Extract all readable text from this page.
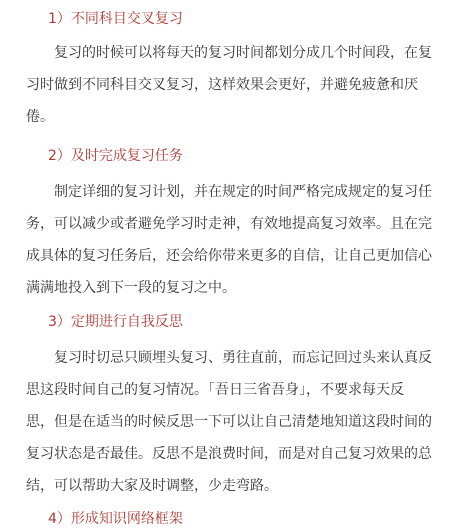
1）不同科目交叉复习
复习的时候可以将每天的复习时间都划分成几个时间段，在复
习时做到不同科目交叉复习，这样效果会更好，并避免疲惫和厌
倦。
2）及时完成复习任务
制定详细的复习计划，并在规定的时间严格完成规定的复习任
务，可以减少或者避免学习时走神，有效地提高复习效率。且在完
成具体的复习任务后，还会给你带来更多的自信，让自己更加信心
满满地投入到下一段的复习之中。
3）定期进行自我反思
复习时切忌只顾埋头复习、勇往直前，而忘记回过头来认真反
思这段时间自己的复习情况。「吾日三省吾身」，不要求每天反
思，但是在适当的时候反思一下可以让自己清楚地知道这段时间的
复习状态是否最佳。反思不是浪费时间，而是对自己复习效果的总
结，可以帮助大家及时调整，少走弯路。
4）形成知识网络框架
